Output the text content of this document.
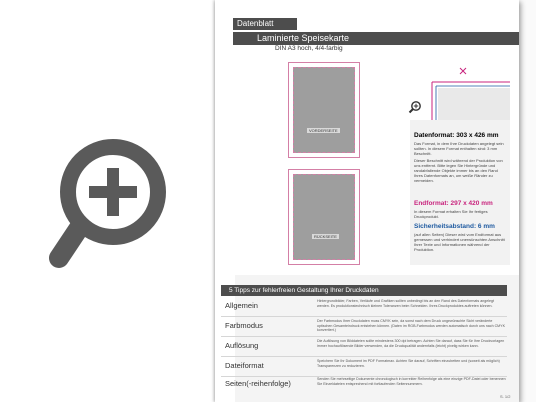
Datenblatt
Laminierte Speisekarte
DIN A3 hoch, 4/4-farbig
VORDERSEITE
RÜCKSEITE
Datenformat: 303 x 426 mm
Das Format, in dem Ihre Druckdaten angelegt sein sollten. In diesem Format enthalten sind: 3 mm Beschnitt.
Dieser Beschnitt wird während der Produktion von uns entfernt. Bitte legen Sie Hintergründe und randabfallende Objekte immer bis an den Rand Ihres Datenformats an, um weiße Ränder zu vermeiden.
Endformat: 297 x 420 mm
In diesem Format erhalten Sie Ihr fertiges Druckprodukt.
Sicherheitsabstand: 6 mm
(auf allen Seiten) Dieser wird vom Endformat aus gemessen und verhindert unerwünschten Anschnitt Ihrer Texte und Informationen während der Produktion.
5 Tipps zur fehlerfreien Gestaltung Ihrer Druckdaten
Allgemein	Hintergrundbilder, Farben, Verläufe und Grafiken sollten unbedingt bis an den Rand des Datenformats angelegt werden. Es produktionstechnisch kleinen Toleranzen beim Schneiden. Ihres Druckproduktes auftreten können.
Farbmodus	Der Farbmodus Ihrer Druckdaten muss CMYK sein, da sonst nach dem Druck ungewünschte Sicht veränderte optischen Gesamteindruck entstehen können. (Daten im RGB-Farbmodus werden automatisch durch uns nach CMYK konvertiert.)
Auflösung	Die Auflösung von Bilddateien sollte mindestens 300 dpi betragen. Achten Sie darauf, dass Sie für Ihre Druckvorlagen immer hochauflösende Bilder verwenden, da die Druckqualität andernfalls (leicht) pixelig wirken kann.
Dateiformat	Speichern Sie Ihr Dokument im PDF Formatmax. Achten Sie darauf, Schriften einzubetten und (soweit als möglich) Transparenzen zu reduzieren.
Seiten(-reihenfolge)	Senden Sie mehrseitige Dokumente chronologisch in korrekter Reihenfolge als eine einzige PDF-Datei oder benennen Sie Einzeldateien entsprechend mit fortlaufenden Seitennummern.
S. 1/2
